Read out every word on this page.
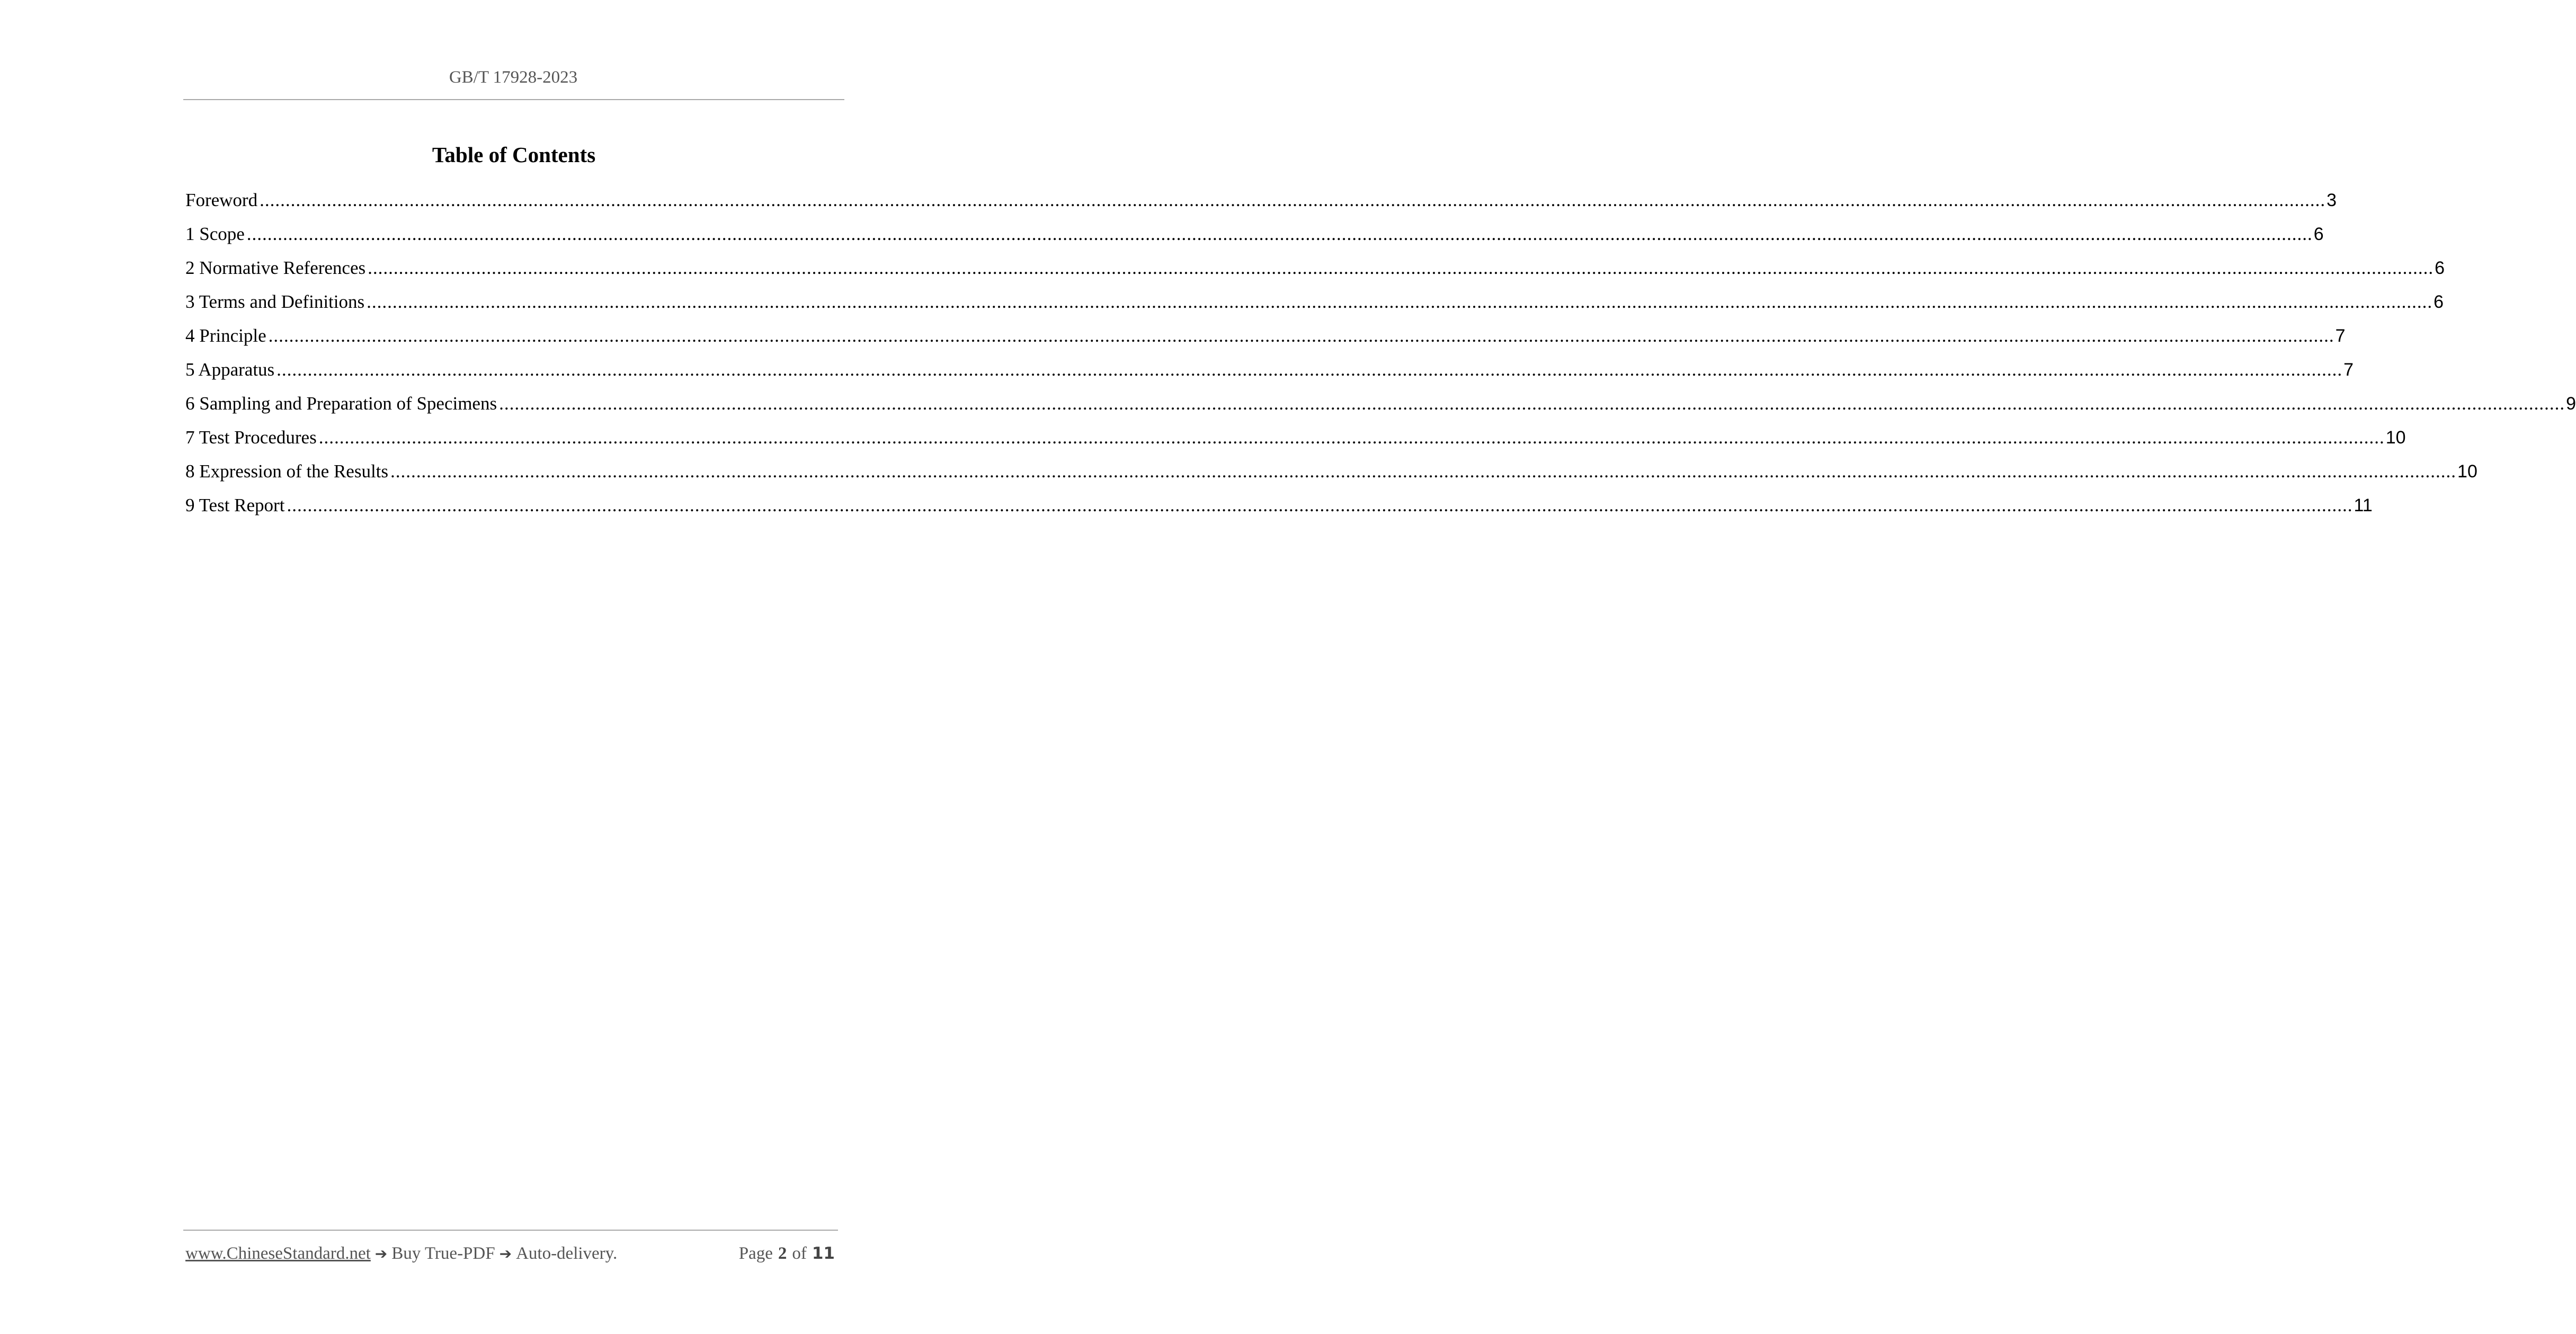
GB/T 17928-2023
Table of Contents
Foreword ................................................................................................................................................................................................................................................................................................................................................................................................................ 3
1 Scope ................................................................................................................................................................................................................................................................................................................................................................................................................ 6
2 Normative References ................................................................................................................................................................................................................................................................................................................................................................................................................ 6
3 Terms and Definitions ................................................................................................................................................................................................................................................................................................................................................................................................................ 6
4 Principle ................................................................................................................................................................................................................................................................................................................................................................................................................ 7
5 Apparatus ................................................................................................................................................................................................................................................................................................................................................................................................................ 7
6 Sampling and Preparation of Specimens ................................................................................................................................................................................................................................................................................................................................................................................................................ 9
7 Test Procedures ................................................................................................................................................................................................................................................................................................................................................................................................................ 10
8 Expression of the Results ................................................................................................................................................................................................................................................................................................................................................................................................................ 10
9 Test Report ................................................................................................................................................................................................................................................................................................................................................................................................................ 11
www.ChineseStandard.net ➔ Buy True-PDF ➔ Auto-delivery.	Page 2 of 11
